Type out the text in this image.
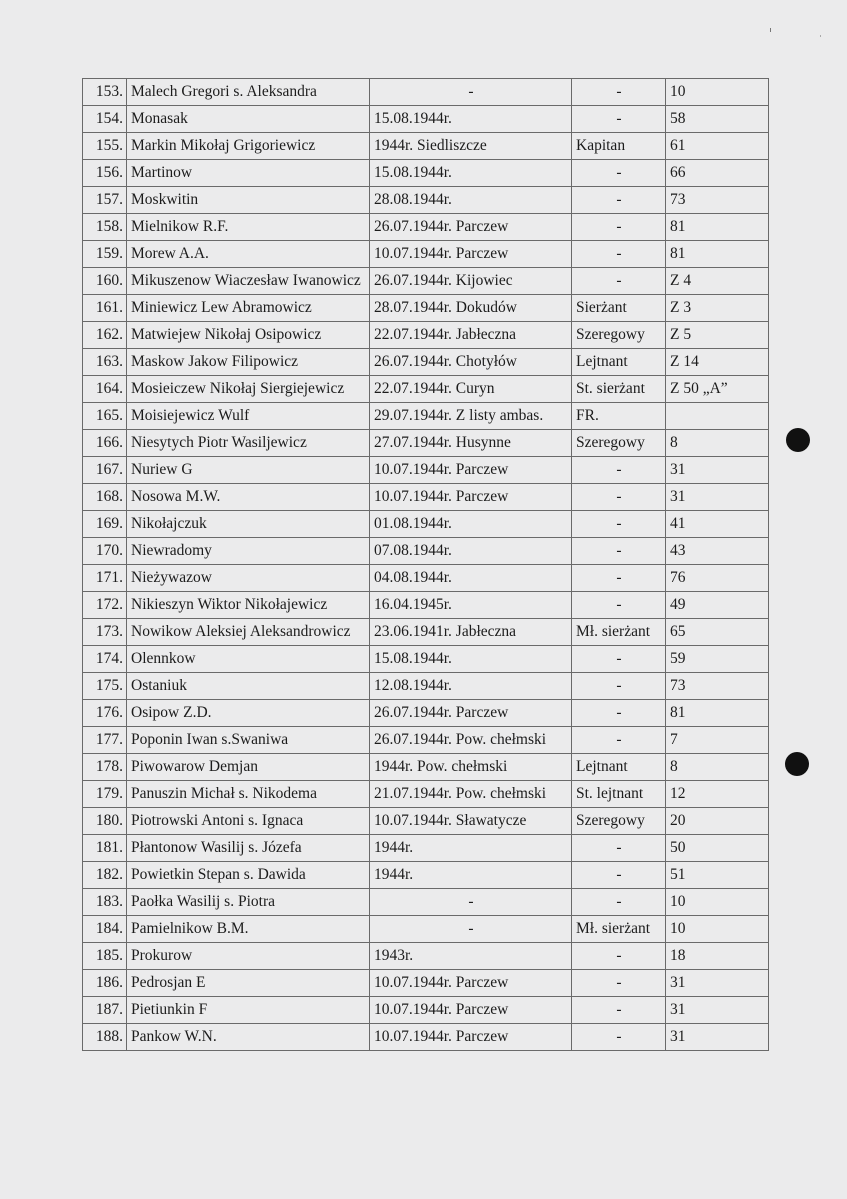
153.	Malech Gregori s. Aleksandra	-	-	10
154.	Monasak	15.08.1944r.	-	58
155.	Markin Mikołaj Grigoriewicz	1944r. Siedliszcze	Kapitan	61
156.	Martinow	15.08.1944r.	-	66
157.	Moskwitin	28.08.1944r.	-	73
158.	Mielnikow R.F.	26.07.1944r. Parczew	-	81
159.	Morew A.A.	10.07.1944r. Parczew	-	81
160.	Mikuszenow Wiaczesław Iwanowicz	26.07.1944r. Kijowiec	-	Z 4
161.	Miniewicz Lew Abramowicz	28.07.1944r. Dokudów	Sierżant	Z 3
162.	Matwiejew Nikołaj Osipowicz	22.07.1944r. Jabłeczna	Szeregowy	Z 5
163.	Maskow Jakow Filipowicz	26.07.1944r. Chotyłów	Lejtnant	Z 14
164.	Mosieiczew Nikołaj Siergiejewicz	22.07.1944r. Curyn	St. sierżant	Z 50 „A”
165.	Moisiejewicz Wulf	29.07.1944r. Z listy ambas.	FR.	
166.	Niesytych Piotr Wasiljewicz	27.07.1944r. Husynne	Szeregowy	8
167.	Nuriew G	10.07.1944r. Parczew	-	31
168.	Nosowa M.W.	10.07.1944r. Parczew	-	31
169.	Nikołajczuk	01.08.1944r.	-	41
170.	Niewradomy	07.08.1944r.	-	43
171.	Nieżywazow	04.08.1944r.	-	76
172.	Nikieszyn Wiktor Nikołajewicz	16.04.1945r.	-	49
173.	Nowikow Aleksiej Aleksandrowicz	23.06.1941r. Jabłeczna	Mł. sierżant	65
174.	Olennkow	15.08.1944r.	-	59
175.	Ostaniuk	12.08.1944r.	-	73
176.	Osipow Z.D.	26.07.1944r. Parczew	-	81
177.	Poponin Iwan s.Swaniwa	26.07.1944r. Pow. chełmski	-	7
178.	Piwowarow Demjan	1944r. Pow. chełmski	Lejtnant	8
179.	Panuszin Michał s. Nikodema	21.07.1944r. Pow. chełmski	St. lejtnant	12
180.	Piotrowski Antoni s. Ignaca	10.07.1944r. Sławatycze	Szeregowy	20
181.	Płantonow Wasilij s. Józefa	1944r.	-	50
182.	Powietkin Stepan s. Dawida	1944r.	-	51
183.	Paołka Wasilij s. Piotra	-	-	10
184.	Pamielnikow B.M.	-	Mł. sierżant	10
185.	Prokurow	1943r.	-	18
186.	Pedrosjan E	10.07.1944r. Parczew	-	31
187.	Pietiunkin F	10.07.1944r. Parczew	-	31
188.	Pankow W.N.	10.07.1944r. Parczew	-	31
